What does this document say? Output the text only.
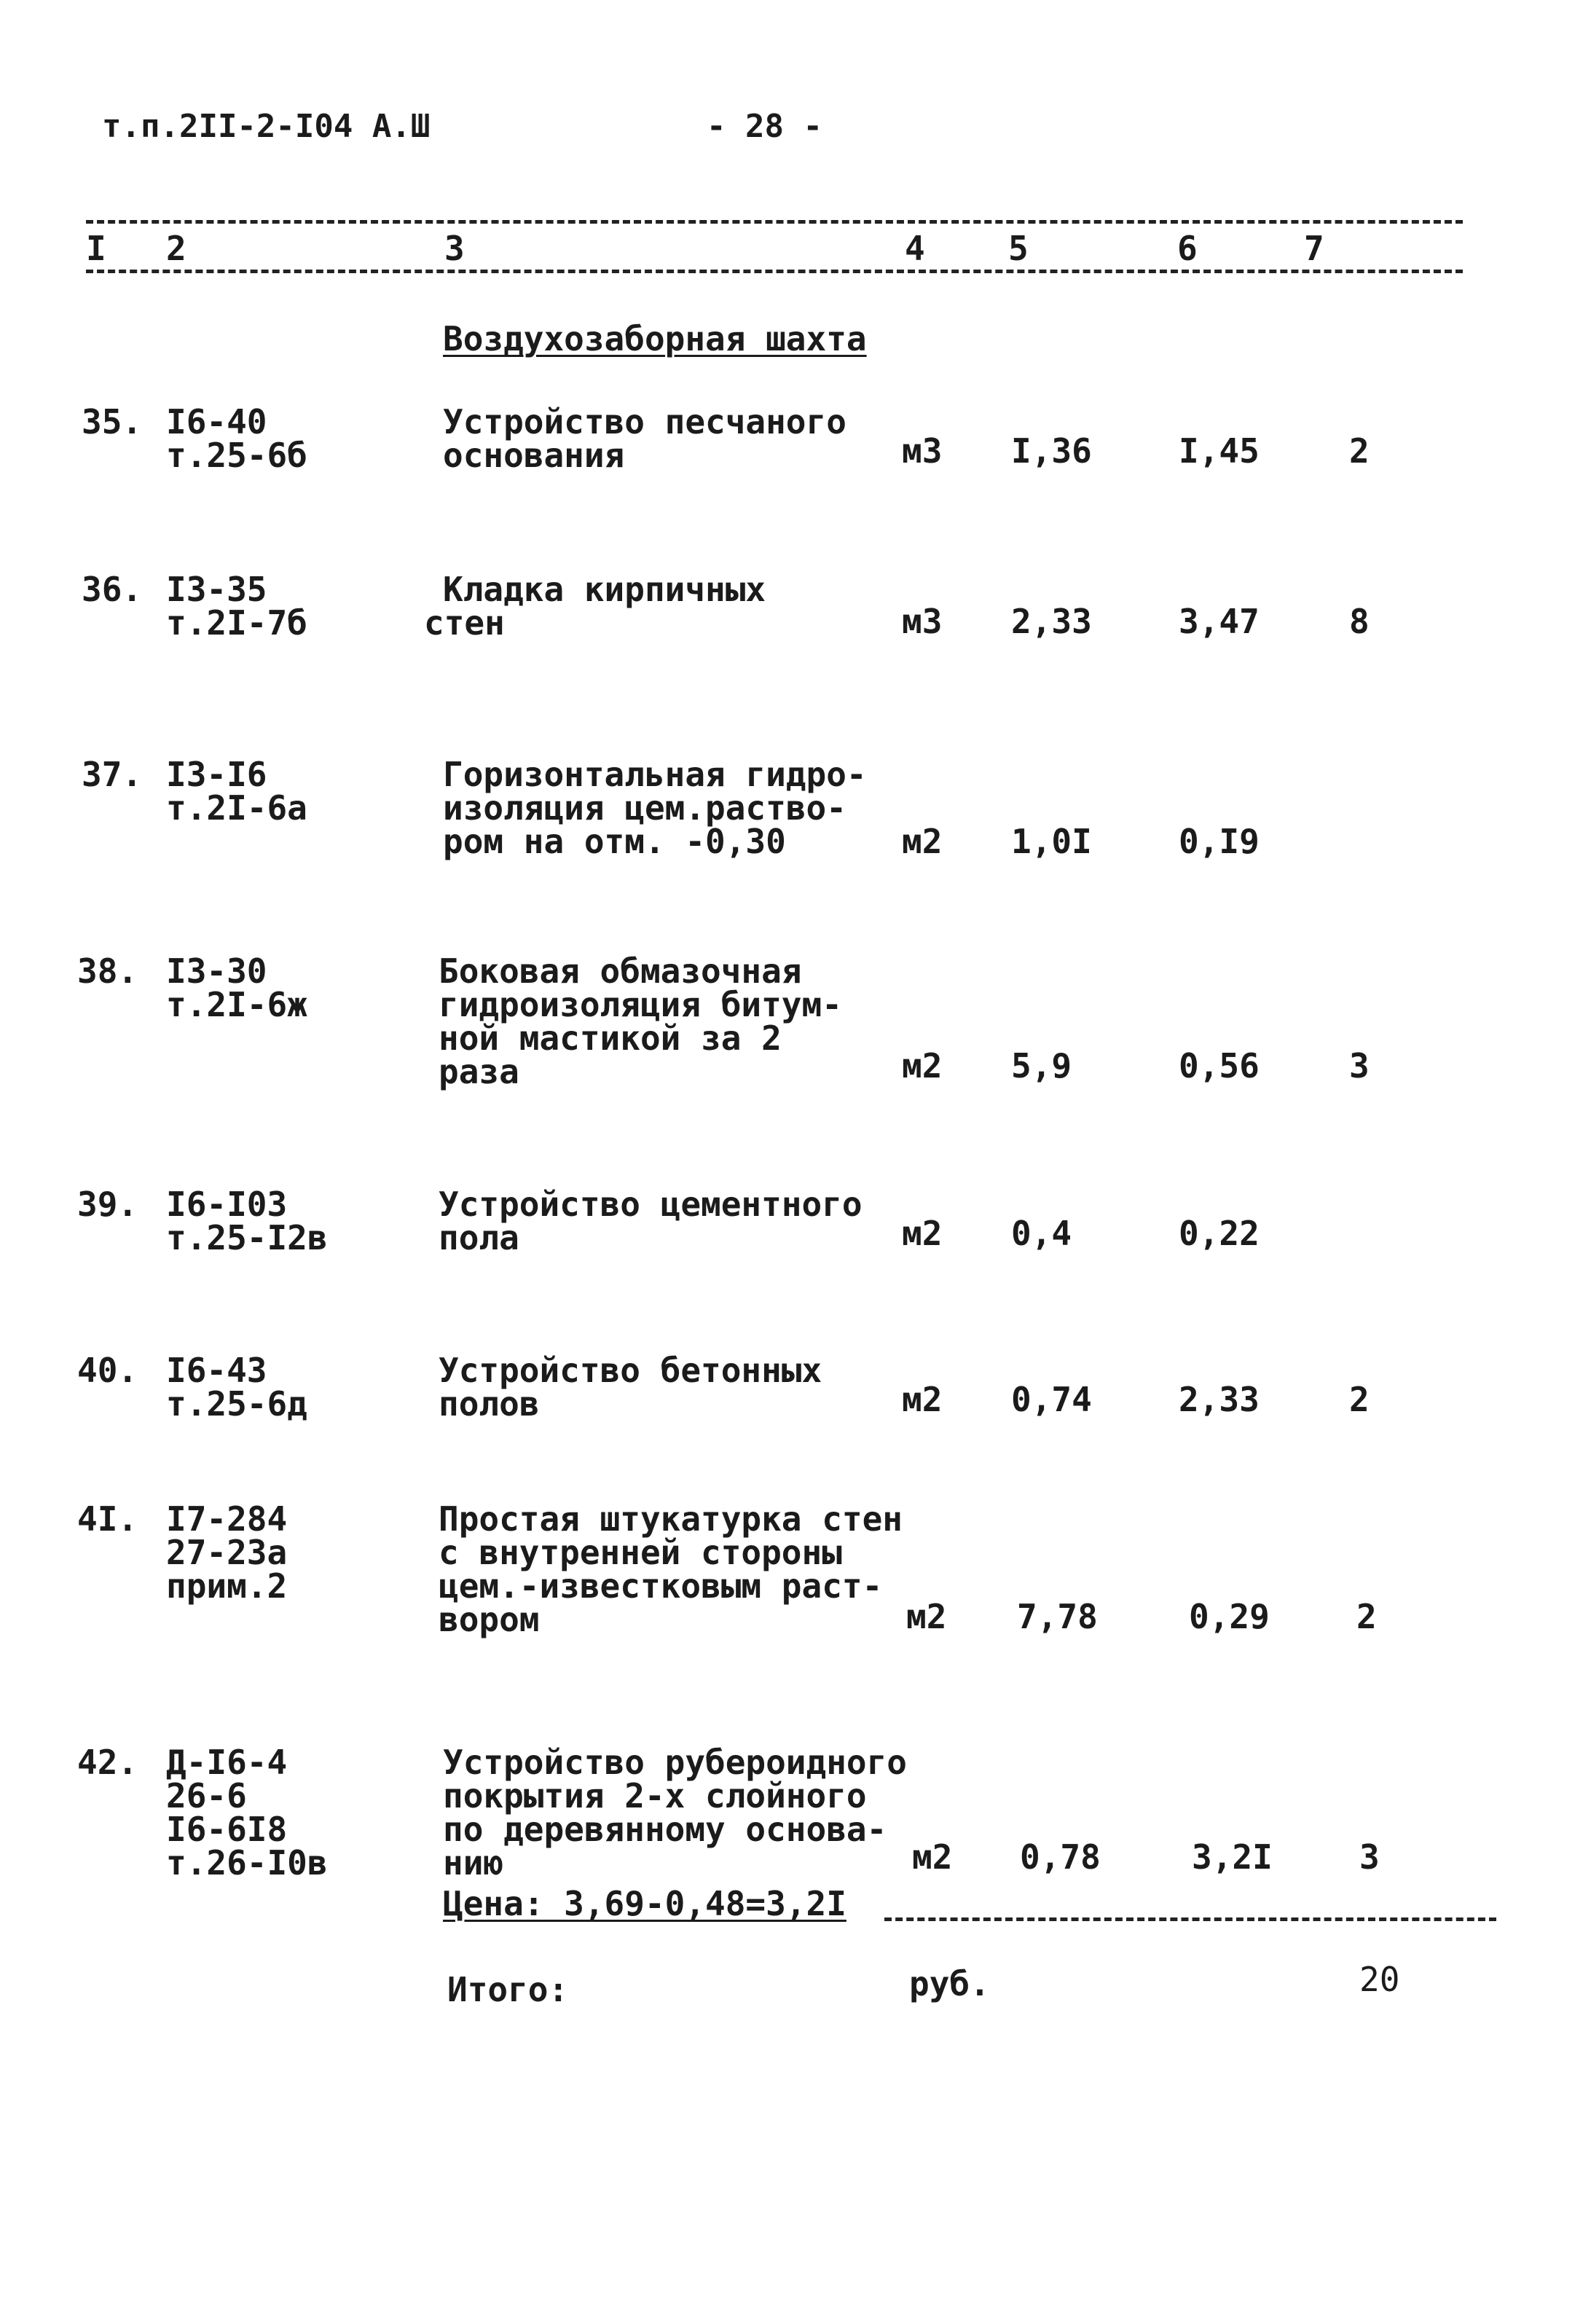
т.п.2II-2-I04 А.Ш	- 28 -
I 2	3	4 5	6	7
Воздухозаборная шахта
35. I6-40
т.25-6б
Устройство песчаного
основания	м3 I,36	I,45	2
36. I3-35
т.2I-7б
Кладка кирпичных
стен	м3 2,33	3,47	8
37. I3-I6
т.2I-6а
Горизонтальная гидро-
изоляция цем.раство-
ром на отм. -0,30	м2 1,0I	0,I9
38. I3-30
т.2I-6ж
Боковая обмазочная
гидроизоляция битум-
ной мастикой за 2
раза	м2 5,9	0,56	3
39. I6-I03
т.25-I2в
Устройство цементного
пола	м2 0,4	0,22
40. I6-43
т.25-6д
Устройство бетонных
полов	м2 0,74	2,33	2
4I. I7-284
27-23а
прим.2
Простая штукатурка стен
с внутренней стороны
цем.-известковым раст-
вором	м2 7,78	0,29	2
42. Д-I6-4
26-6
I6-6I8
т.26-I0в
Устройство рубероидного
покрытия 2-х слойного
по деревянному основа-
нию	м2 0,78	3,2I	3
Цена: 3,69-0,48=3,2I
Итого:	руб.	20
